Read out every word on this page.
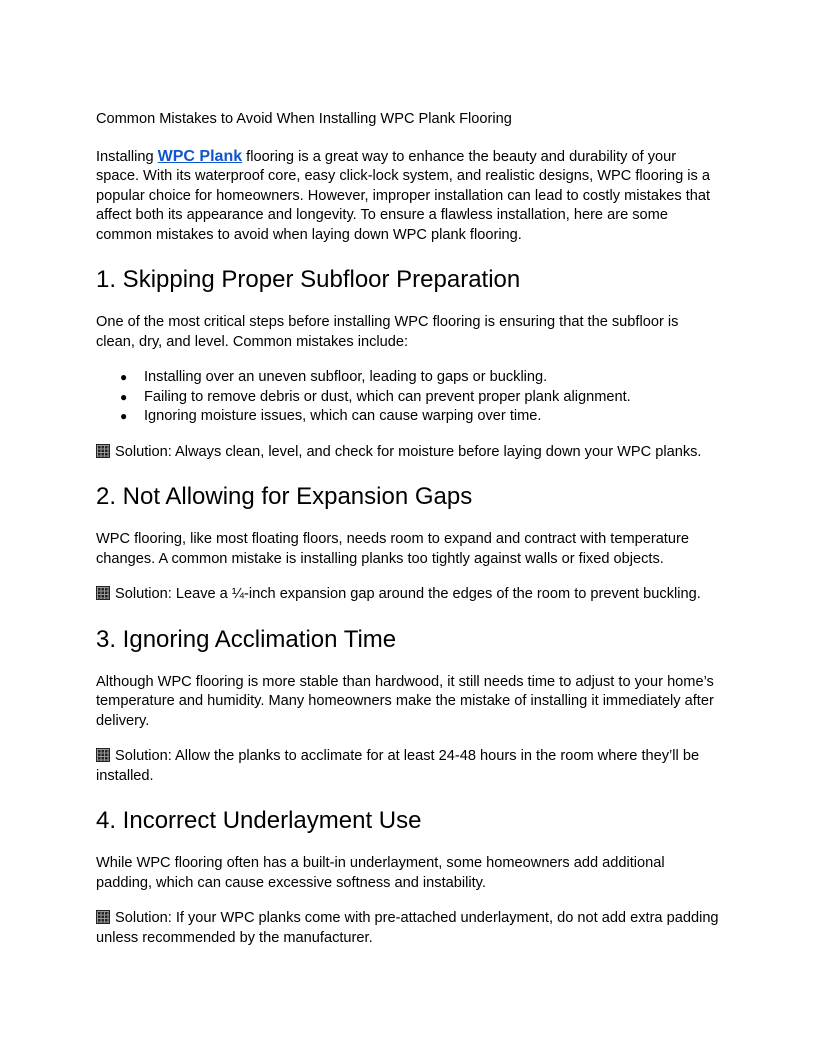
Common Mistakes to Avoid When Installing WPC Plank Flooring

Installing WPC Plank flooring is a great way to enhance the beauty and durability of your space. With its waterproof core, easy click-lock system, and realistic designs, WPC flooring is a popular choice for homeowners. However, improper installation can lead to costly mistakes that affect both its appearance and longevity. To ensure a flawless installation, here are some common mistakes to avoid when laying down WPC plank flooring.

1. Skipping Proper Subfloor Preparation

One of the most critical steps before installing WPC flooring is ensuring that the subfloor is clean, dry, and level. Common mistakes include:

● Installing over an uneven subfloor, leading to gaps or buckling.
● Failing to remove debris or dust, which can prevent proper plank alignment.
● Ignoring moisture issues, which can cause warping over time.

Solution: Always clean, level, and check for moisture before laying down your WPC planks.

2. Not Allowing for Expansion Gaps

WPC flooring, like most floating floors, needs room to expand and contract with temperature changes. A common mistake is installing planks too tightly against walls or fixed objects.

Solution: Leave a ¼-inch expansion gap around the edges of the room to prevent buckling.

3. Ignoring Acclimation Time

Although WPC flooring is more stable than hardwood, it still needs time to adjust to your home’s temperature and humidity. Many homeowners make the mistake of installing it immediately after delivery.

Solution: Allow the planks to acclimate for at least 24-48 hours in the room where they’ll be installed.

4. Incorrect Underlayment Use

While WPC flooring often has a built-in underlayment, some homeowners add additional padding, which can cause excessive softness and instability.

Solution: If your WPC planks come with pre-attached underlayment, do not add extra padding unless recommended by the manufacturer.
